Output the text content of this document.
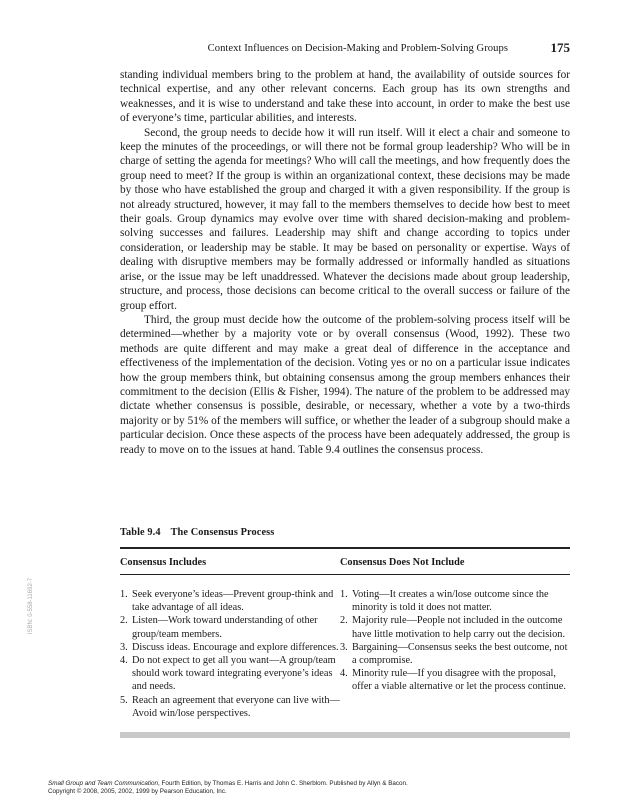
Context Influences on Decision-Making and Problem-Solving Groups	175

standing individual members bring to the problem at hand, the availability of outside sources for technical expertise, and any other relevant concerns. Each group has its own strengths and weaknesses, and it is wise to understand and take these into account, in order to make the best use of everyone’s time, particular abilities, and interests.

Second, the group needs to decide how it will run itself. Will it elect a chair and someone to keep the minutes of the proceedings, or will there not be formal group leadership? Who will be in charge of setting the agenda for meetings? Who will call the meetings, and how frequently does the group need to meet? If the group is within an organizational context, these decisions may be made by those who have established the group and charged it with a given responsibility. If the group is not already structured, however, it may fall to the members themselves to decide how best to meet their goals. Group dynamics may evolve over time with shared decision-making and problem-solving successes and failures. Leadership may shift and change according to topics under consideration, or leadership may be stable. It may be based on personality or expertise. Ways of dealing with disruptive members may be formally addressed or informally handled as situations arise, or the issue may be left unaddressed. Whatever the decisions made about group leadership, structure, and process, those decisions can become critical to the overall success or failure of the group effort.

Third, the group must decide how the outcome of the problem-solving process itself will be determined—whether by a majority vote or by overall consensus (Wood, 1992). These two methods are quite different and may make a great deal of difference in the acceptance and effectiveness of the implementation of the decision. Voting yes or no on a particular issue indicates how the group members think, but obtaining consensus among the group members enhances their commitment to the decision (Ellis & Fisher, 1994). The nature of the problem to be addressed may dictate whether consensus is possible, desirable, or necessary, whether a vote by a two-thirds majority or by 51% of the members will suffice, or whether the leader of a subgroup should make a particular decision. Once these aspects of the process have been adequately addressed, the group is ready to move on to the issues at hand. Table 9.4 outlines the consensus process.

Table 9.4 The Consensus Process
Consensus Includes	Consensus Does Not Include
1. Seek everyone’s ideas—Prevent group-think and take advantage of all ideas.
2. Listen—Work toward understanding of other group/team members.
3. Discuss ideas. Encourage and explore differences.
4. Do not expect to get all you want—A group/team should work toward integrating everyone’s ideas and needs.
5. Reach an agreement that everyone can live with—Avoid win/lose perspectives.
1. Voting—It creates a win/lose outcome since the minority is told it does not matter.
2. Majority rule—People not included in the outcome have little motivation to help carry out the decision.
3. Bargaining—Consensus seeks the best outcome, not a compromise.
4. Minority rule—If you disagree with the proposal, offer a viable alternative or let the process continue.
ISBN: 0-558-11692-7
Small Group and Team Communication, Fourth Edition, by Thomas E. Harris and John C. Sherblom. Published by Allyn & Bacon.
Copyright © 2008, 2005, 2002, 1999 by Pearson Education, Inc.
